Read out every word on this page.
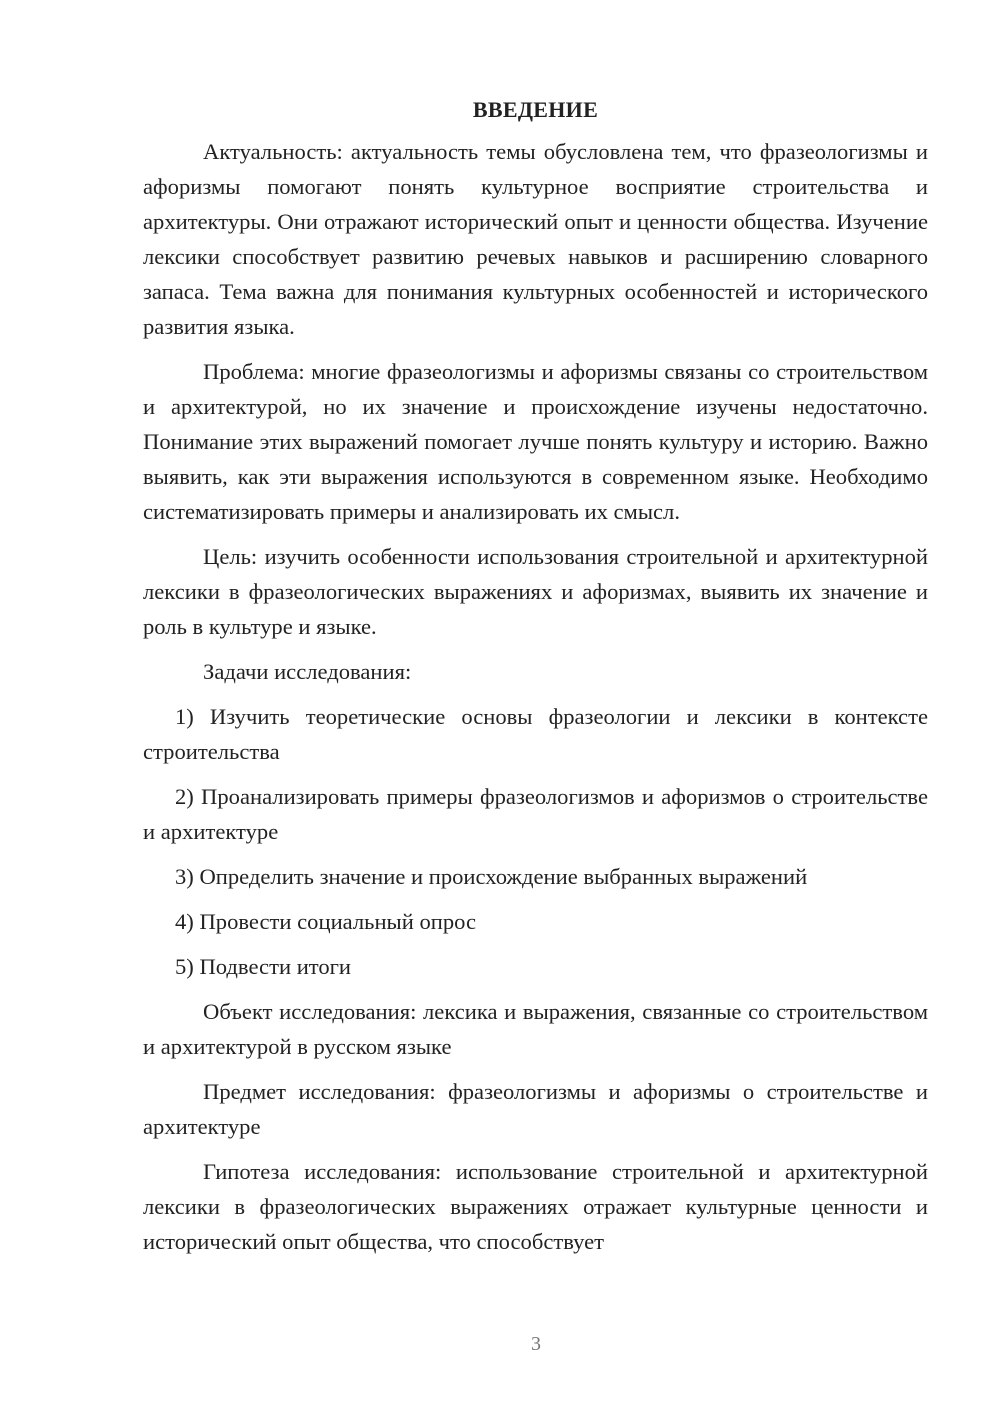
ВВЕДЕНИЕ

Актуальность: актуальность темы обусловлена тем, что фразеологизмы и афоризмы помогают понять культурное восприятие строительства и архитектуры. Они отражают исторический опыт и ценности общества. Изучение лексики способствует развитию речевых навыков и расширению словарного запаса. Тема важна для понимания культурных особенностей и исторического развития языка.

Проблема: многие фразеологизмы и афоризмы связаны со строительством и архитектурой, но их значение и происхождение изучены недостаточно. Понимание этих выражений помогает лучше понять культуру и историю. Важно выявить, как эти выражения используются в современном языке. Необходимо систематизировать примеры и анализировать их смысл.

Цель: изучить особенности использования строительной и архитектурной лексики в фразеологических выражениях и афоризмах, выявить их значение и роль в культуре и языке.

Задачи исследования:

1) Изучить теоретические основы фразеологии и лексики в контексте строительства

2) Проанализировать примеры фразеологизмов и афоризмов о строительстве и архитектуре

3) Определить значение и происхождение выбранных выражений

4) Провести социальный опрос

5) Подвести итоги

Объект исследования: лексика и выражения, связанные со строительством и архитектурой в русском языке

Предмет исследования: фразеологизмы и афоризмы о строительстве и архитектуре

Гипотеза исследования: использование строительной и архитектурной лексики в фразеологических выражениях отражает культурные ценности и исторический опыт общества, что способствует

3
